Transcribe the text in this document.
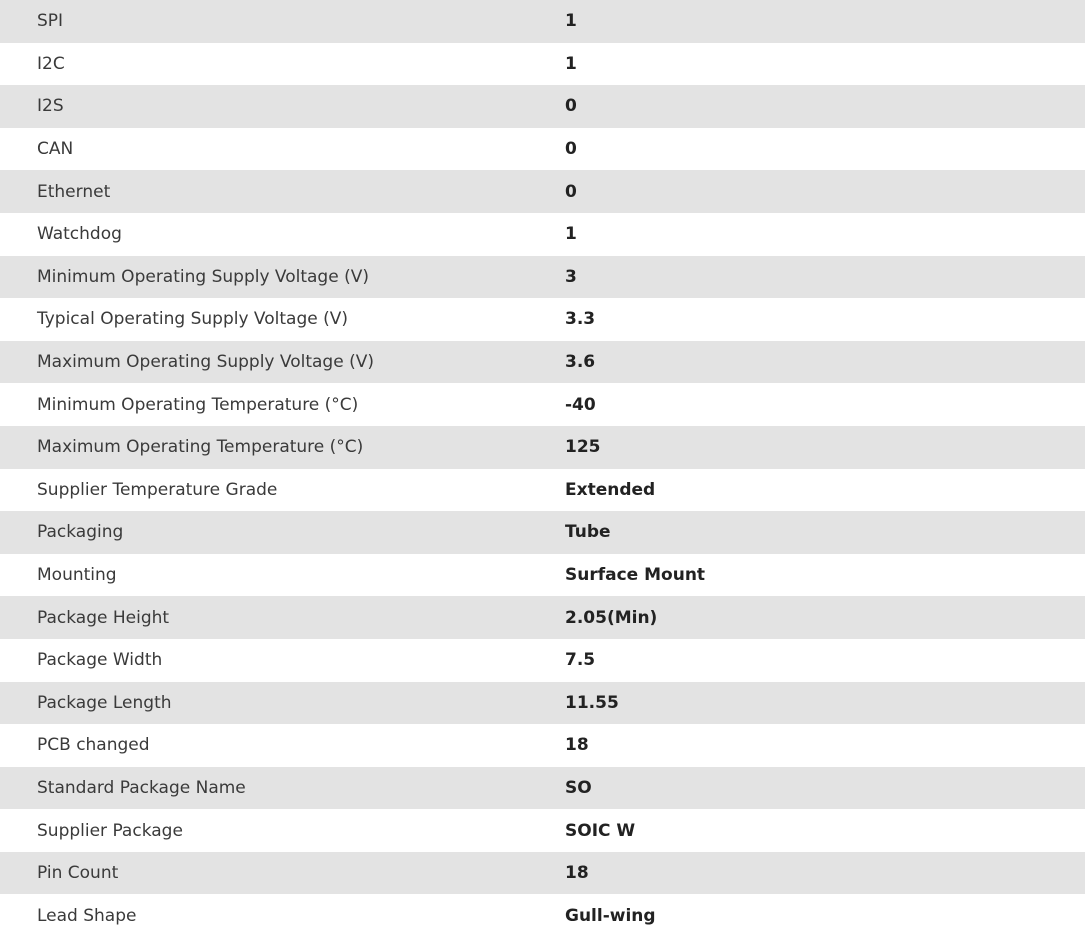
SPI	1
I2C	1
I2S	0
CAN	0
Ethernet	0
Watchdog	1
Minimum Operating Supply Voltage (V)	3
Typical Operating Supply Voltage (V)	3.3
Maximum Operating Supply Voltage (V)	3.6
Minimum Operating Temperature (°C)	-40
Maximum Operating Temperature (°C)	125
Supplier Temperature Grade	Extended
Packaging	Tube
Mounting	Surface Mount
Package Height	2.05(Min)
Package Width	7.5
Package Length	11.55
PCB changed	18
Standard Package Name	SO
Supplier Package	SOIC W
Pin Count	18
Lead Shape	Gull-wing
